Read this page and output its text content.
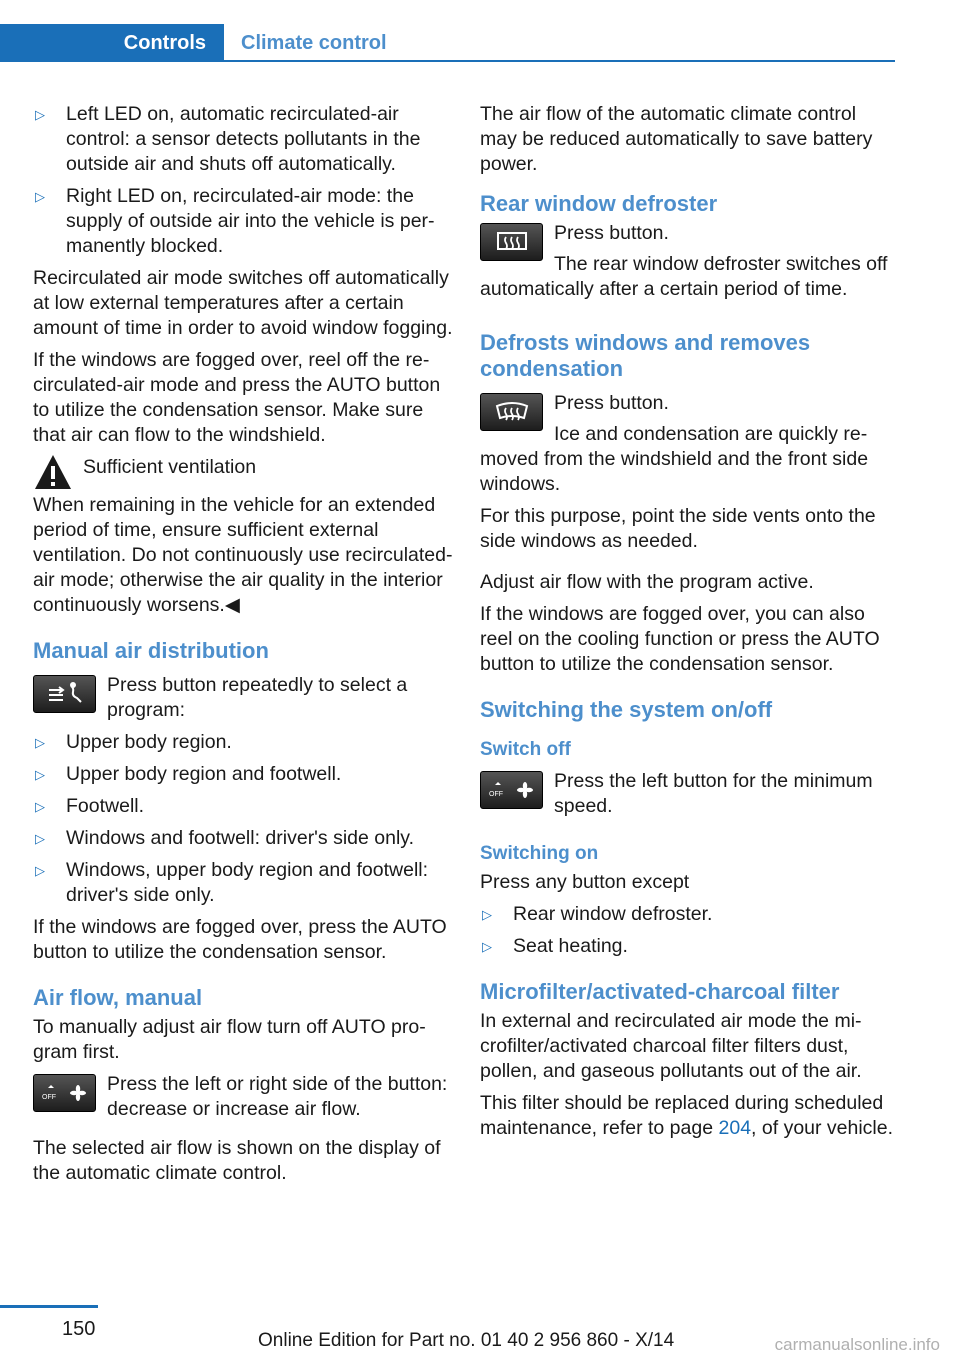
Controls	Climate control
▷ Left LED on, automatic recirculated-air control: a sensor detects pollutants in the outside air and shuts off automatically.
▷ Right LED on, recirculated-air mode: the supply of outside air into the vehicle is permanently blocked.

Recirculated air mode switches off automatically at low external temperatures after a certain amount of time in order to avoid window fogging.

If the windows are fogged over, reel off the recirculated-air mode and press the AUTO button to utilize the condensation sensor. Make sure that air can flow to the windshield.

Sufficient ventilation

When remaining in the vehicle for an extended period of time, ensure sufficient external ventilation. Do not continuously use recirculated-air mode; otherwise the air quality in the interior continuously worsens.◀

Manual air distribution

Press button repeatedly to select a program:

▷ Upper body region.
▷ Upper body region and footwell.
▷ Footwell.
▷ Windows and footwell: driver's side only.
▷ Windows, upper body region and footwell: driver's side only.

If the windows are fogged over, press the AUTO button to utilize the condensation sensor.

Air flow, manual

To manually adjust air flow turn off AUTO program first.

OFF

Press the left or right side of the button: decrease or increase air flow.

The selected air flow is shown on the display of the automatic climate control.

The air flow of the automatic climate control may be reduced automatically to save battery power.

Rear window defroster

Press button.

The rear window defroster switches off automatically after a certain period of time.

Defrosts windows and removes condensation

Press button.

Ice and condensation are quickly removed from the windshield and the front side windows.

For this purpose, point the side vents onto the side windows as needed.

Adjust air flow with the program active.

If the windows are fogged over, you can also reel on the cooling function or press the AUTO button to utilize the condensation sensor.

Switching the system on/off
Switch off
OFF

Press the left button for the minimum speed.

Switching on

Press any button except

▷ Rear window defroster.
▷ Seat heating.
Microfilter/activated-charcoal filter

In external and recirculated air mode the microfilter/activated charcoal filter filters dust, pollen, and gaseous pollutants out of the air.

This filter should be replaced during scheduled maintenance, refer to page 204, of your vehicle.

150
Online Edition for Part no. 01 40 2 956 860 - X/14	carmanualsonline.info
